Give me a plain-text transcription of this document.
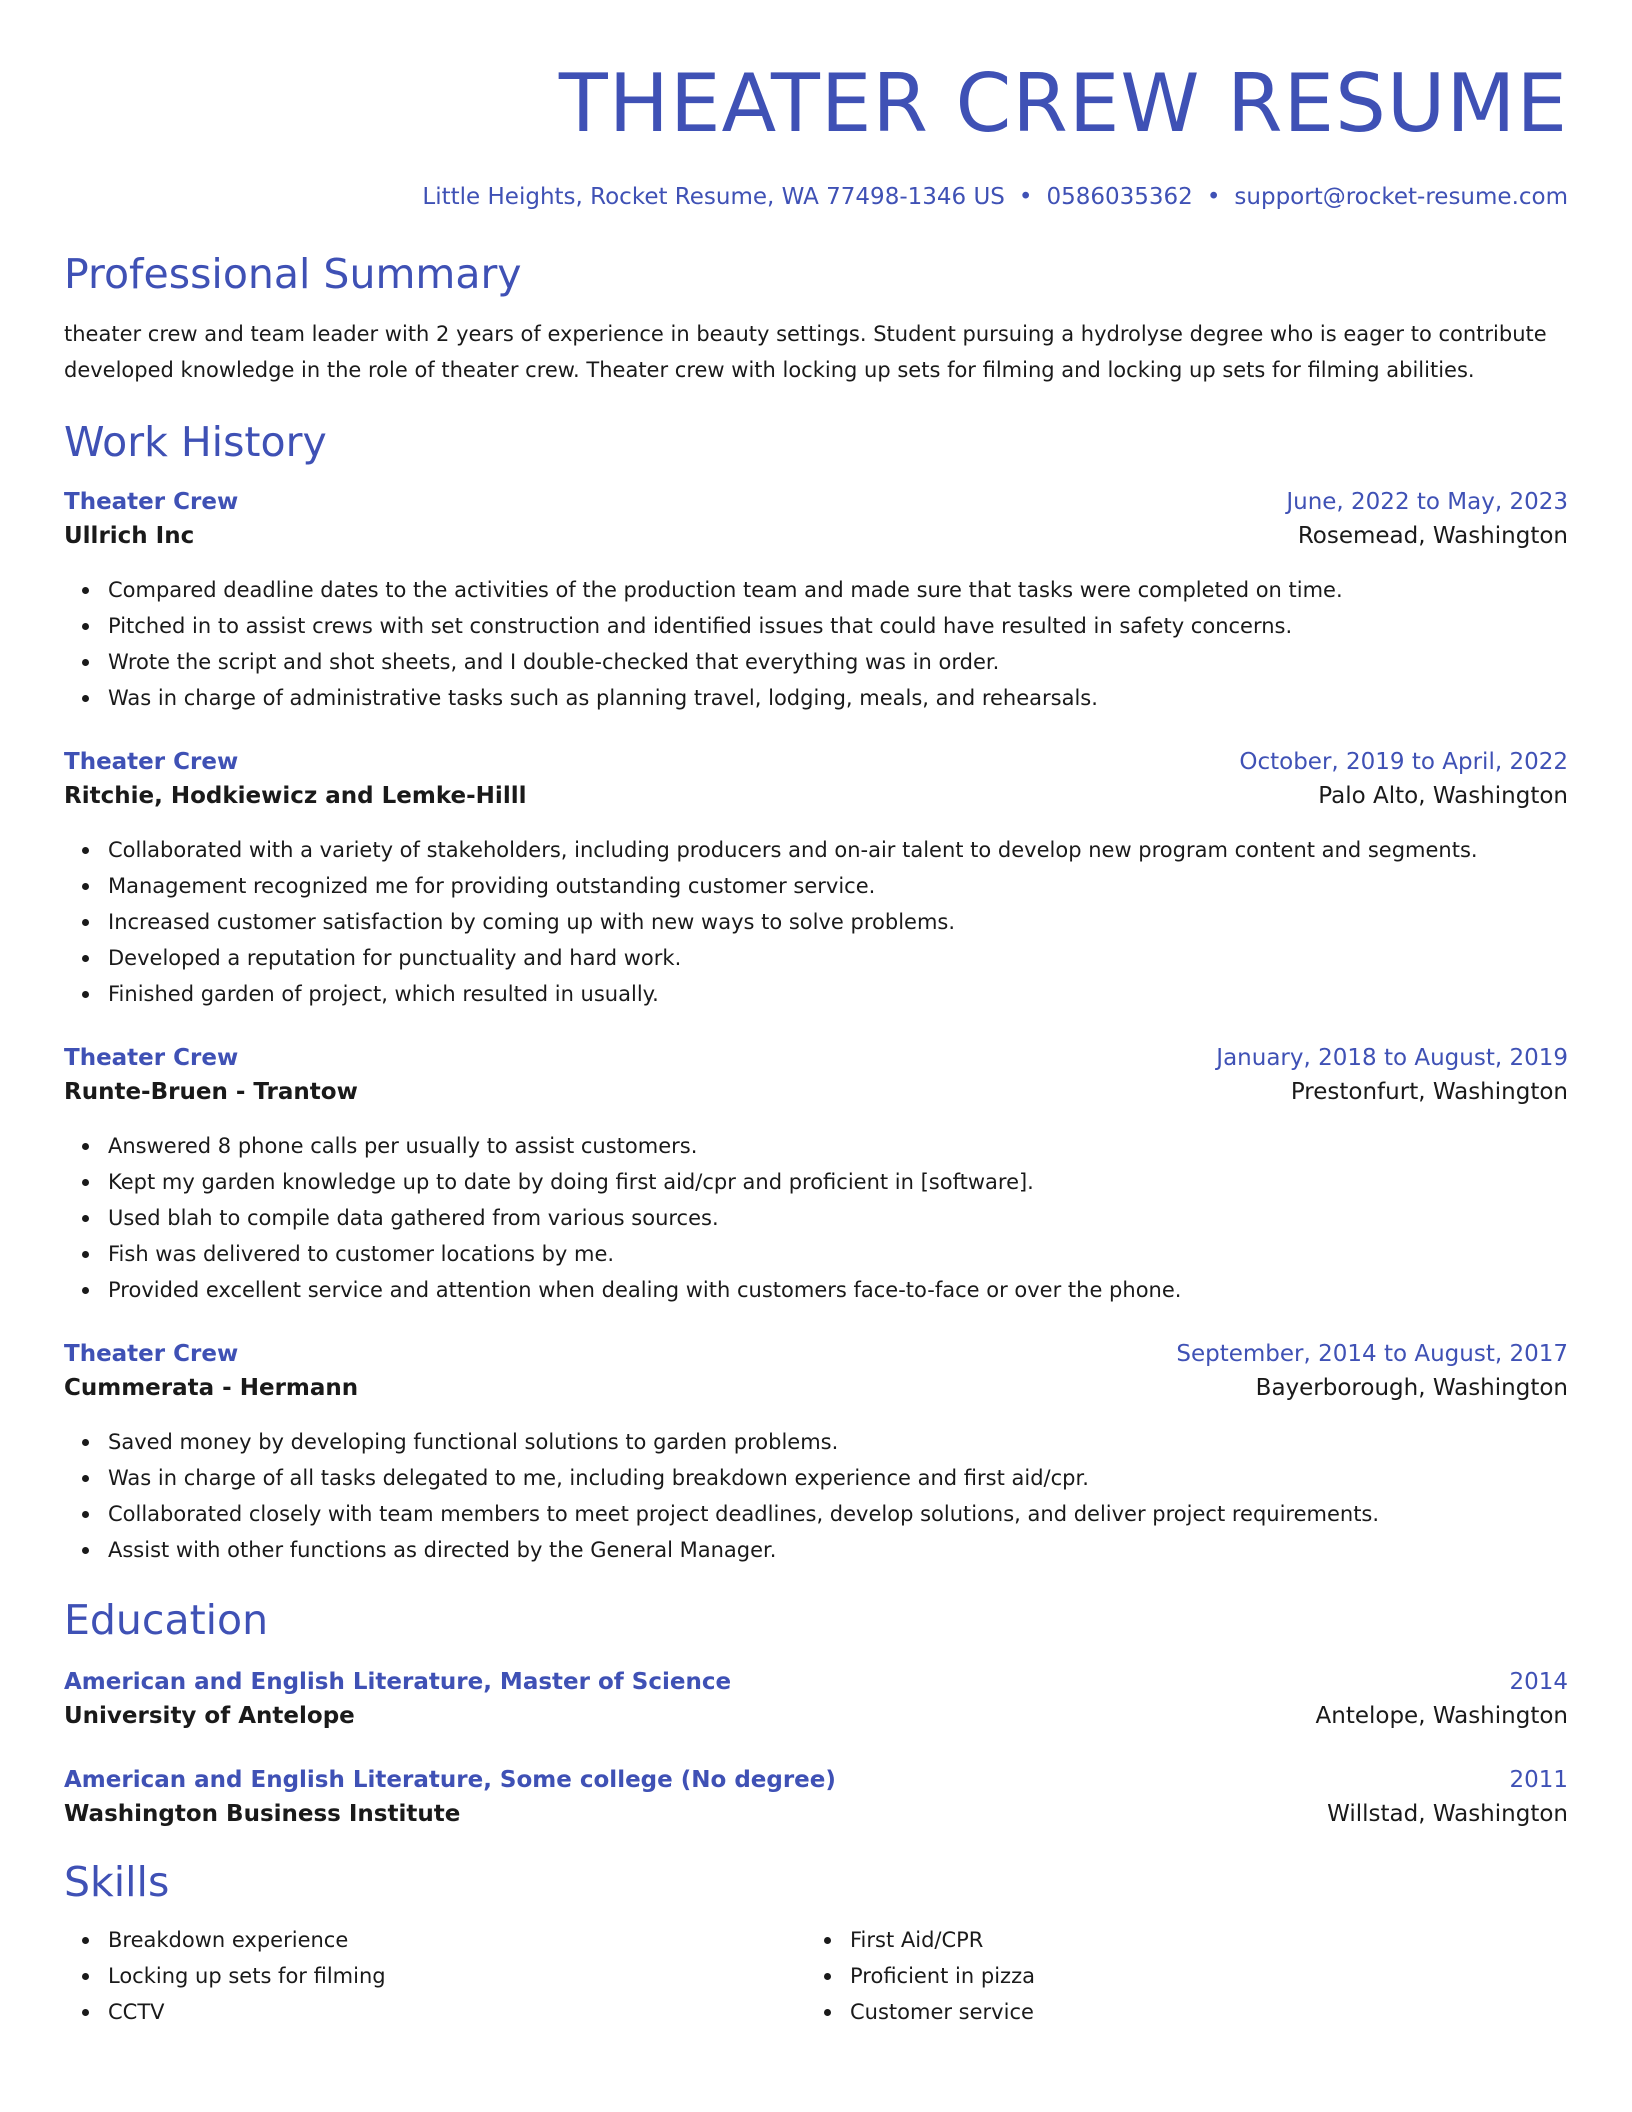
THEATER CREW RESUME
Little Heights, Rocket Resume, WA 77498-1346 US • 0586035362 • support@rocket-resume.com
Professional Summary
theater crew and team leader with 2 years of experience in beauty settings. Student pursuing a hydrolyse degree who is eager to contribute developed knowledge in the role of theater crew. Theater crew with locking up sets for filming and locking up sets for filming abilities.
Work History
Theater Crew	June, 2022 to May, 2023
Ullrich Inc	Rosemead, Washington
Compared deadline dates to the activities of the production team and made sure that tasks were completed on time.
Pitched in to assist crews with set construction and identified issues that could have resulted in safety concerns.
Wrote the script and shot sheets, and I double-checked that everything was in order.
Was in charge of administrative tasks such as planning travel, lodging, meals, and rehearsals.
Theater Crew	October, 2019 to April, 2022
Ritchie, Hodkiewicz and Lemke-Hilll	Palo Alto, Washington
Collaborated with a variety of stakeholders, including producers and on-air talent to develop new program content and segments.
Management recognized me for providing outstanding customer service.
Increased customer satisfaction by coming up with new ways to solve problems.
Developed a reputation for punctuality and hard work.
Finished garden of project, which resulted in usually.
Theater Crew	January, 2018 to August, 2019
Runte-Bruen - Trantow	Prestonfurt, Washington
Answered 8 phone calls per usually to assist customers.
Kept my garden knowledge up to date by doing first aid/cpr and proficient in [software].
Used blah to compile data gathered from various sources.
Fish was delivered to customer locations by me.
Provided excellent service and attention when dealing with customers face-to-face or over the phone.
Theater Crew	September, 2014 to August, 2017
Cummerata - Hermann	Bayerborough, Washington
Saved money by developing functional solutions to garden problems.
Was in charge of all tasks delegated to me, including breakdown experience and first aid/cpr.
Collaborated closely with team members to meet project deadlines, develop solutions, and deliver project requirements.
Assist with other functions as directed by the General Manager.
Education
American and English Literature, Master of Science	2014
University of Antelope	Antelope, Washington
American and English Literature, Some college (No degree)	2011
Washington Business Institute	Willstad, Washington
Skills
Breakdown experience
Locking up sets for filming
CCTV
First Aid/CPR
Proficient in pizza
Customer service
